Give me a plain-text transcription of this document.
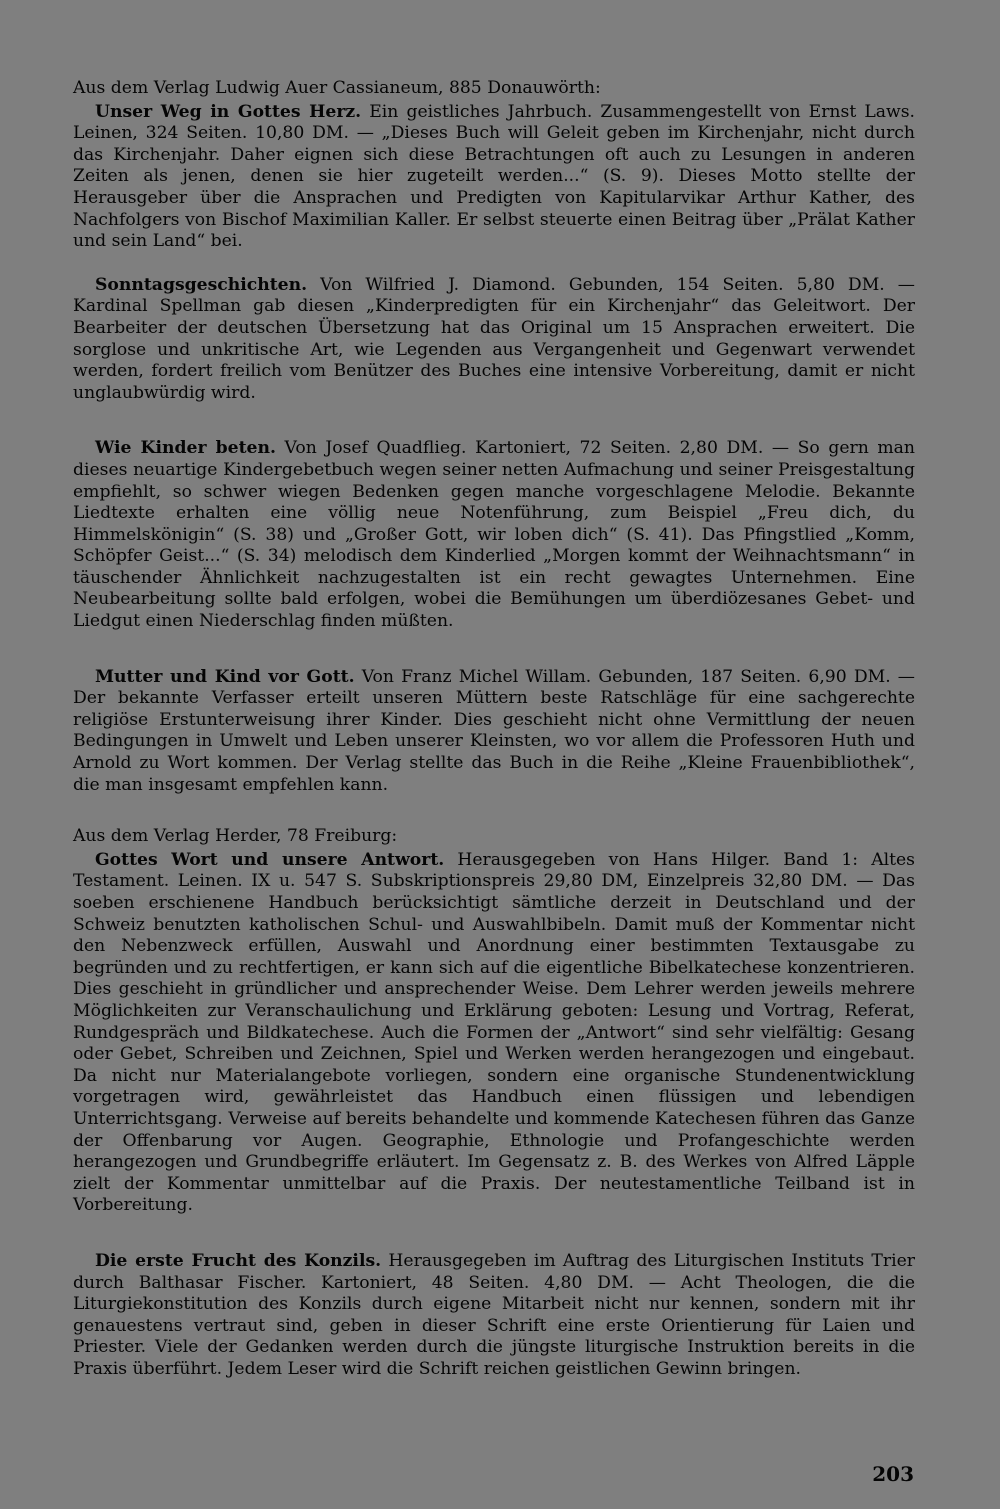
Aus dem Verlag Ludwig Auer Cassianeum, 885 Donauwörth:

Unser Weg in Gottes Herz. Ein geistliches Jahrbuch. Zusammengestellt von Ernst Laws. Leinen, 324 Seiten. 10,80 DM. — „Dieses Buch will Geleit geben im Kirchenjahr, nicht durch das Kirchenjahr. Daher eignen sich diese Betrachtungen oft auch zu Lesungen in anderen Zeiten als jenen, denen sie hier zugeteilt werden...“ (S. 9). Dieses Motto stellte der Herausgeber über die Ansprachen und Predigten von Kapitularvikar Arthur Kather, des Nachfolgers von Bischof Maximilian Kaller. Er selbst steuerte einen Beitrag über „Prälat Kather und sein Land“ bei.

Sonntagsgeschichten. Von Wilfried J. Diamond. Gebunden, 154 Seiten. 5,80 DM. — Kardinal Spellman gab diesen „Kinderpredigten für ein Kirchenjahr“ das Geleitwort. Der Bearbeiter der deutschen Übersetzung hat das Original um 15 Ansprachen erweitert. Die sorglose und unkritische Art, wie Legenden aus Vergangenheit und Gegenwart verwendet werden, fordert freilich vom Benützer des Buches eine intensive Vorbereitung, damit er nicht unglaubwürdig wird.

Wie Kinder beten. Von Josef Quadflieg. Kartoniert, 72 Seiten. 2,80 DM. — So gern man dieses neuartige Kindergebetbuch wegen seiner netten Aufmachung und seiner Preisgestaltung empfiehlt, so schwer wiegen Bedenken gegen manche vorgeschlagene Melodie. Bekannte Liedtexte erhalten eine völlig neue Notenführung, zum Beispiel „Freu dich, du Himmelskönigin“ (S. 38) und „Großer Gott, wir loben dich“ (S. 41). Das Pfingstlied „Komm, Schöpfer Geist...“ (S. 34) melodisch dem Kinderlied „Morgen kommt der Weihnachtsmann“ in täuschender Ähnlichkeit nachzugestalten ist ein recht gewagtes Unternehmen. Eine Neubearbeitung sollte bald erfolgen, wobei die Bemühungen um überdiözesanes Gebet- und Liedgut einen Niederschlag finden müßten.

Mutter und Kind vor Gott. Von Franz Michel Willam. Gebunden, 187 Seiten. 6,90 DM. — Der bekannte Verfasser erteilt unseren Müttern beste Ratschläge für eine sachgerechte religiöse Erstunterweisung ihrer Kinder. Dies geschieht nicht ohne Vermittlung der neuen Bedingungen in Umwelt und Leben unserer Kleinsten, wo vor allem die Professoren Huth und Arnold zu Wort kommen. Der Verlag stellte das Buch in die Reihe „Kleine Frauenbibliothek“, die man insgesamt empfehlen kann.

Aus dem Verlag Herder, 78 Freiburg:

Gottes Wort und unsere Antwort. Herausgegeben von Hans Hilger. Band 1: Altes Testament. Leinen. IX u. 547 S. Subskriptionspreis 29,80 DM, Einzelpreis 32,80 DM. — Das soeben erschienene Handbuch berücksichtigt sämtliche derzeit in Deutschland und der Schweiz benutzten katholischen Schul- und Auswahlbibeln. Damit muß der Kommentar nicht den Nebenzweck erfüllen, Auswahl und Anordnung einer bestimmten Textausgabe zu begründen und zu rechtfertigen, er kann sich auf die eigentliche Bibelkatechese konzentrieren. Dies geschieht in gründlicher und ansprechender Weise. Dem Lehrer werden jeweils mehrere Möglichkeiten zur Veranschaulichung und Erklärung geboten: Lesung und Vortrag, Referat, Rundgespräch und Bildkatechese. Auch die Formen der „Antwort“ sind sehr vielfältig: Gesang oder Gebet, Schreiben und Zeichnen, Spiel und Werken werden herangezogen und eingebaut. Da nicht nur Materialangebote vorliegen, sondern eine organische Stundenentwicklung vorgetragen wird, gewährleistet das Handbuch einen flüssigen und lebendigen Unterrichtsgang. Verweise auf bereits behandelte und kommende Katechesen führen das Ganze der Offenbarung vor Augen. Geographie, Ethnologie und Profangeschichte werden herangezogen und Grundbegriffe erläutert. Im Gegensatz z. B. des Werkes von Alfred Läpple zielt der Kommentar unmittelbar auf die Praxis. Der neutestamentliche Teilband ist in Vorbereitung.

Die erste Frucht des Konzils. Herausgegeben im Auftrag des Liturgischen Instituts Trier durch Balthasar Fischer. Kartoniert, 48 Seiten. 4,80 DM. — Acht Theologen, die die Liturgiekonstitution des Konzils durch eigene Mitarbeit nicht nur kennen, sondern mit ihr genauestens vertraut sind, geben in dieser Schrift eine erste Orientierung für Laien und Priester. Viele der Gedanken werden durch die jüngste liturgische Instruktion bereits in die Praxis überführt. Jedem Leser wird die Schrift reichen geistlichen Gewinn bringen.

203
